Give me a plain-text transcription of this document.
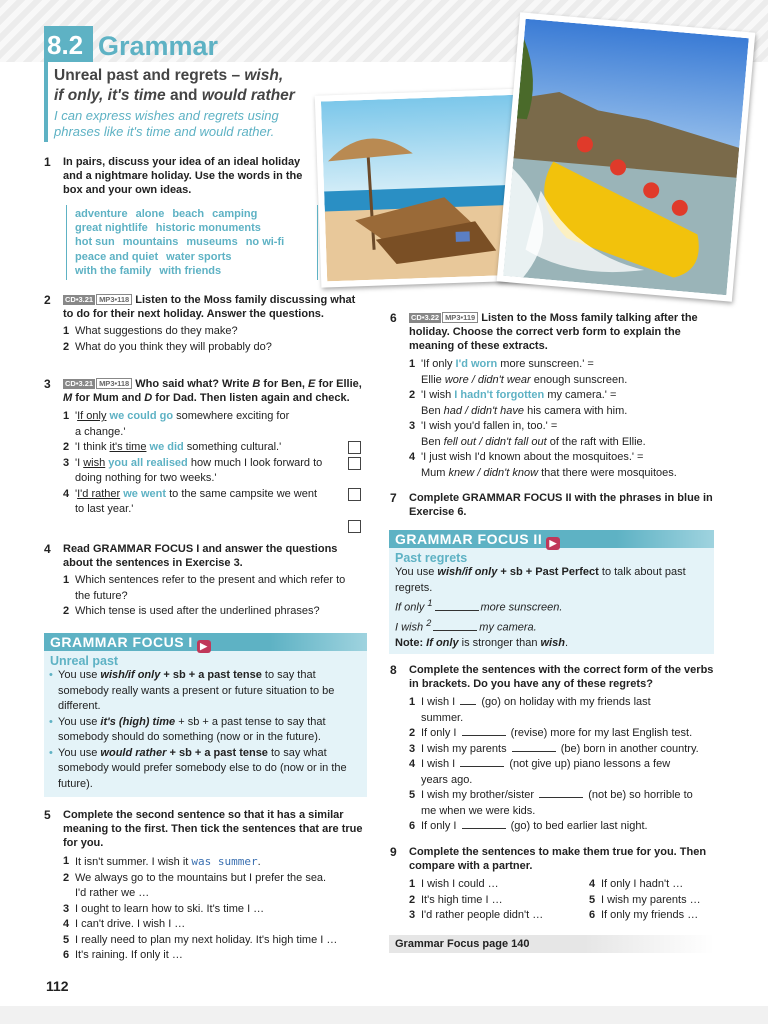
8.2 Grammar
Unreal past and regrets – wish,
if only, it's time and would rather
I can express wishes and regrets using phrases like it's time and would rather.
1	In pairs, discuss your idea of an ideal holiday and a nightmare holiday. Use the words in the box and your own ideas.
adventure alone beach camping
great nightlife historic monuments
hot sun mountains museums no wi-fi
peace and quiet water sports
with the family with friends
2 CD•3.21 MP3•118 Listen to the Moss family discussing what to do for their next holiday. Answer the questions.
1 What suggestions do they make?
2 What do you think they will probably do?
3 CD•3.21 MP3•118 Who said what? Write B for Ben, E for Ellie, M for Mum and D for Dad. Then listen again and check.
1 'If only we could go somewhere exciting for
a change.'
2 'I think it's time we did something cultural.'
3 'I wish you all realised how much I look forward to
doing nothing for two weeks.'
4 'I'd rather we went to the same campsite we went
to last year.'
4 Read GRAMMAR FOCUS I and answer the questions about the sentences in Exercise 3.
1 Which sentences refer to the present and which refer to
the future?
2 Which tense is used after the underlined phrases?
GRAMMAR FOCUS I ▶
Unreal past
• You use wish/if only + sb + a past tense to say that somebody really wants a present or future situation to be different.
• You use it's (high) time + sb + a past tense to say that somebody should do something (now or in the future).
• You use would rather + sb + a past tense to say what somebody would prefer somebody else to do (now or in the future).
5 Complete the second sentence so that it has a similar meaning to the first. Then tick the sentences that are true for you.
1 It isn't summer. I wish it was summer.
2 We always go to the mountains but I prefer the sea.
I'd rather we …
3 I ought to learn how to ski. It's time I …
4 I can't drive. I wish I …
5 I really need to plan my next holiday. It's high time I …
6 It's raining. If only it …
6 CD•3.22 MP3•119 Listen to the Moss family talking after the holiday. Choose the correct verb form to explain the meaning of these extracts.
1 'If only I'd worn more sunscreen.' =
Ellie wore / didn't wear enough sunscreen.
2 'I wish I hadn't forgotten my camera.' =
Ben had / didn't have his camera with him.
3 'I wish you'd fallen in, too.' =
Ben fell out / didn't fall out of the raft with Ellie.
4 'I just wish I'd known about the mosquitoes.' =
Mum knew / didn't know that there were mosquitoes.
7	Complete GRAMMAR FOCUS II with the phrases in blue in Exercise 6.
GRAMMAR FOCUS II ▶
Past regrets
You use wish/if only + sb + Past Perfect to talk about past regrets.
If only $^1$	more sunscreen.
I wish $^2$	my camera.
Note: If only is stronger than wish.
8 Complete the sentences with the correct form of the verbs in brackets. Do you have any of these regrets?
1 I wish I  (go) on holiday with my friends last
summer.
2 If only I	(revise) more for my last English test.
3 I wish my parents	(be) born in another country.
4 I wish I	(not give up) piano lessons a few
years ago.
5 I wish my brother/sister	(not be) so horrible to
me when we were kids.
6 If only I	(go) to bed earlier last night.
9 Complete the sentences to make them true for you. Then compare with a partner.
1 I wish I could …
2 It's high time I …
3 I'd rather people didn't …
4 If only I hadn't …
5 I wish my parents …
6 If only my friends …
Grammar Focus page 140
112
